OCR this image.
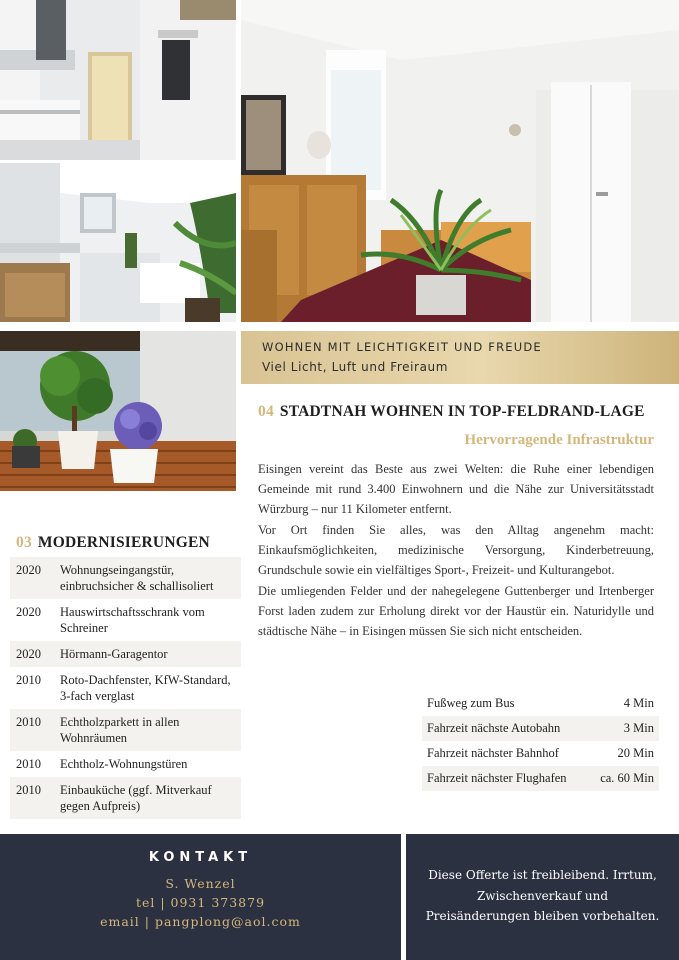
WOHNEN MIT LEICHTIGKEIT UND FREUDE
Viel Licht, Luft und Freiraum
04 STADTNAH WOHNEN IN TOP-FELDRAND-LAGE
Hervorragende Infrastruktur
Eisingen vereint das Beste aus zwei Welten: die Ruhe einer lebendigen Gemeinde mit rund 3.400 Einwohnern und die Nähe zur Universitätsstadt Würzburg – nur 11 Kilometer entfernt.
Vor Ort finden Sie alles, was den Alltag angenehm macht: Einkaufsmöglichkeiten, medizinische Versorgung, Kinderbetreuung, Grundschule sowie ein vielfältiges Sport-, Freizeit- und Kulturangebot.
Die umliegenden Felder und der nahegelegene Guttenberger und Irtenberger Forst laden zudem zur Erholung direkt vor der Haustür ein. Naturidylle und städtische Nähe – in Eisingen müssen Sie sich nicht entscheiden.
Fußweg zum Bus	4 Min
Fahrzeit nächste Autobahn	3 Min
Fahrzeit nächster Bahnhof	20 Min
Fahrzeit nächster Flughafen	ca. 60 Min
03 MODERNISIERUNGEN
2020	Wohnungseingangstür, einbruchsicher & schallisoliert
2020	Hauswirtschaftsschrank vom Schreiner
2020	Hörmann-Garagentor
2010	Roto-Dachfenster, KfW-Standard, 3-fach verglast
2010	Echtholzparkett in allen Wohnräumen
2010	Echtholz-Wohnungstüren
2010	Einbauküche (ggf. Mitverkauf gegen Aufpreis)
KONTAKT
S. Wenzel
tel | 0931 373879
email | pangplong@aol.com
Diese Offerte ist freibleibend. Irrtum,
Zwischenverkauf und
Preisänderungen bleiben vorbehalten.
